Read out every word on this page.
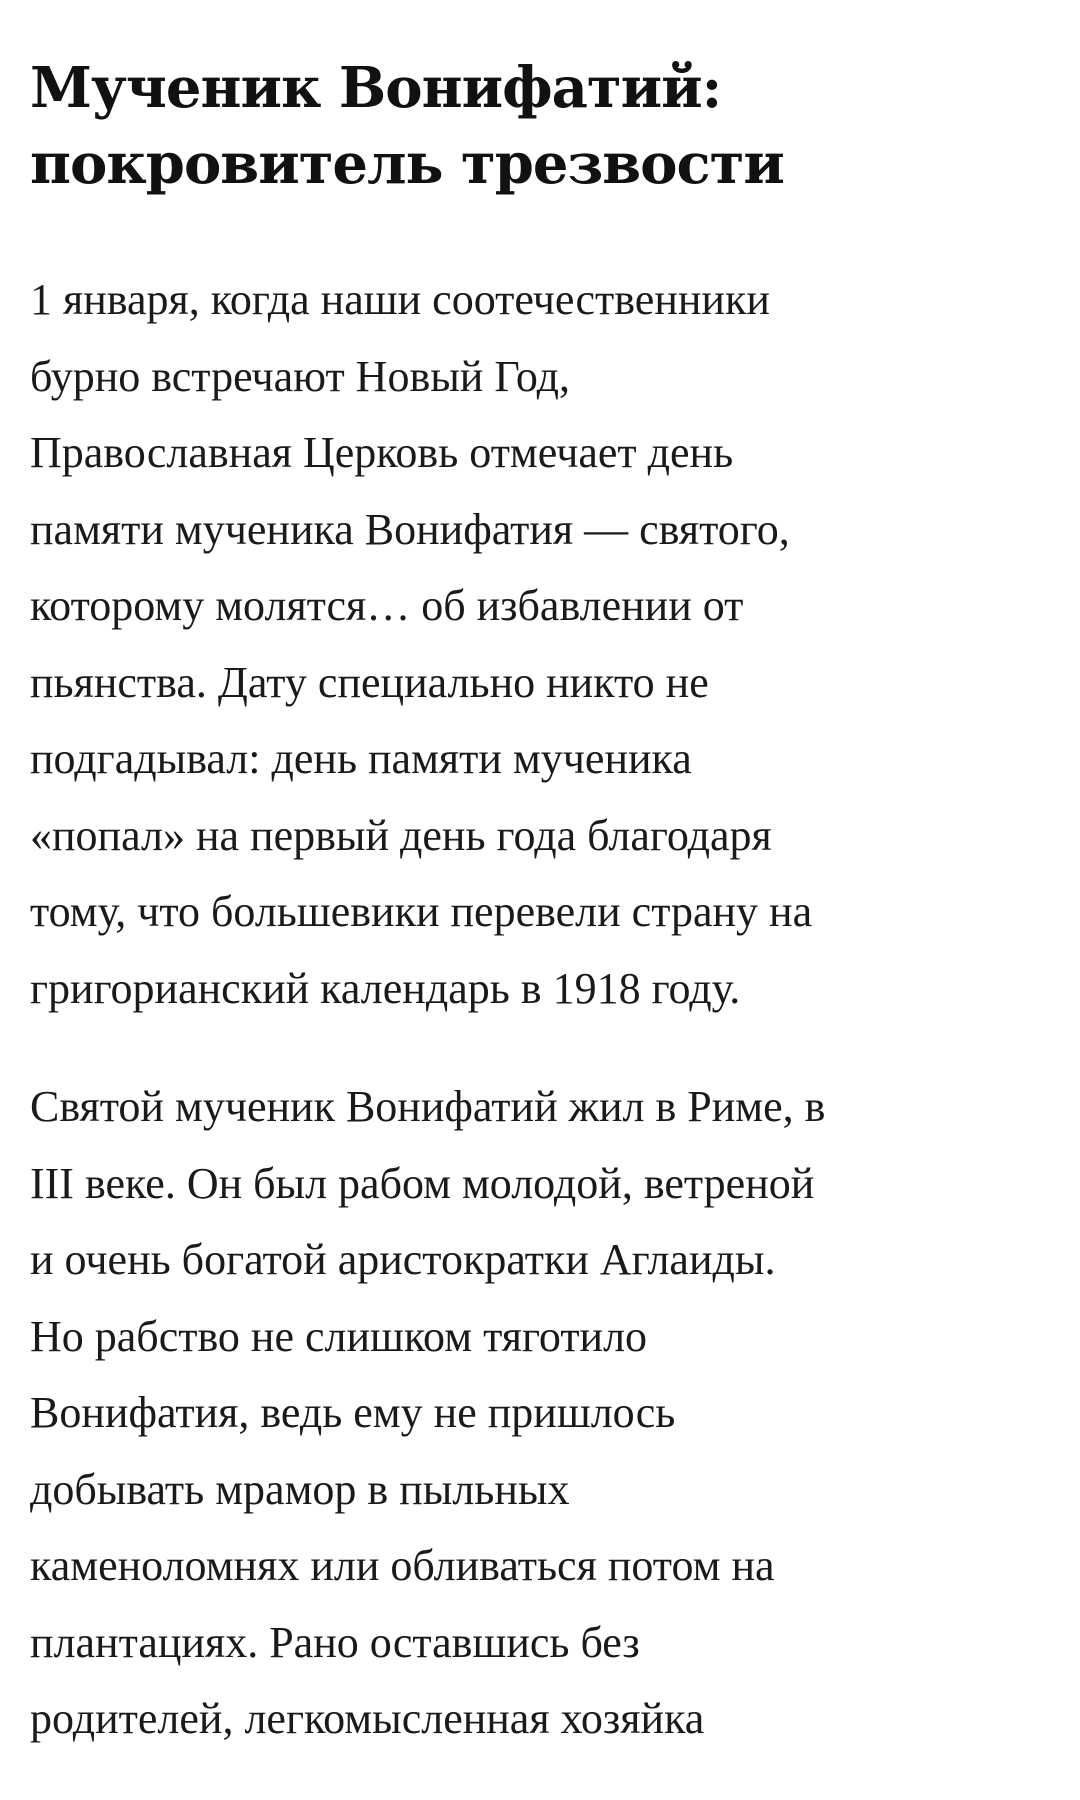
Мученик Вонифатий:
покровитель трезвости

1 января, когда наши соотечественники
бурно встречают Новый Год,
Православная Церковь отмечает день
памяти мученика Вонифатия — святого,
которому молятся… об избавлении от
пьянства. Дату специально никто не
подгадывал: день памяти мученика
«попал» на первый день года благодаря
тому, что большевики перевели страну на
григорианский календарь в 1918 году.

Святой мученик Вонифатий жил в Риме, в
III веке. Он был рабом молодой, ветреной
и очень богатой аристократки Аглаиды.
Но рабство не слишком тяготило
Вонифатия, ведь ему не пришлось
добывать мрамор в пыльных
каменоломнях или обливаться потом на
плантациях. Рано оставшись без
родителей, легкомысленная хозяйка
